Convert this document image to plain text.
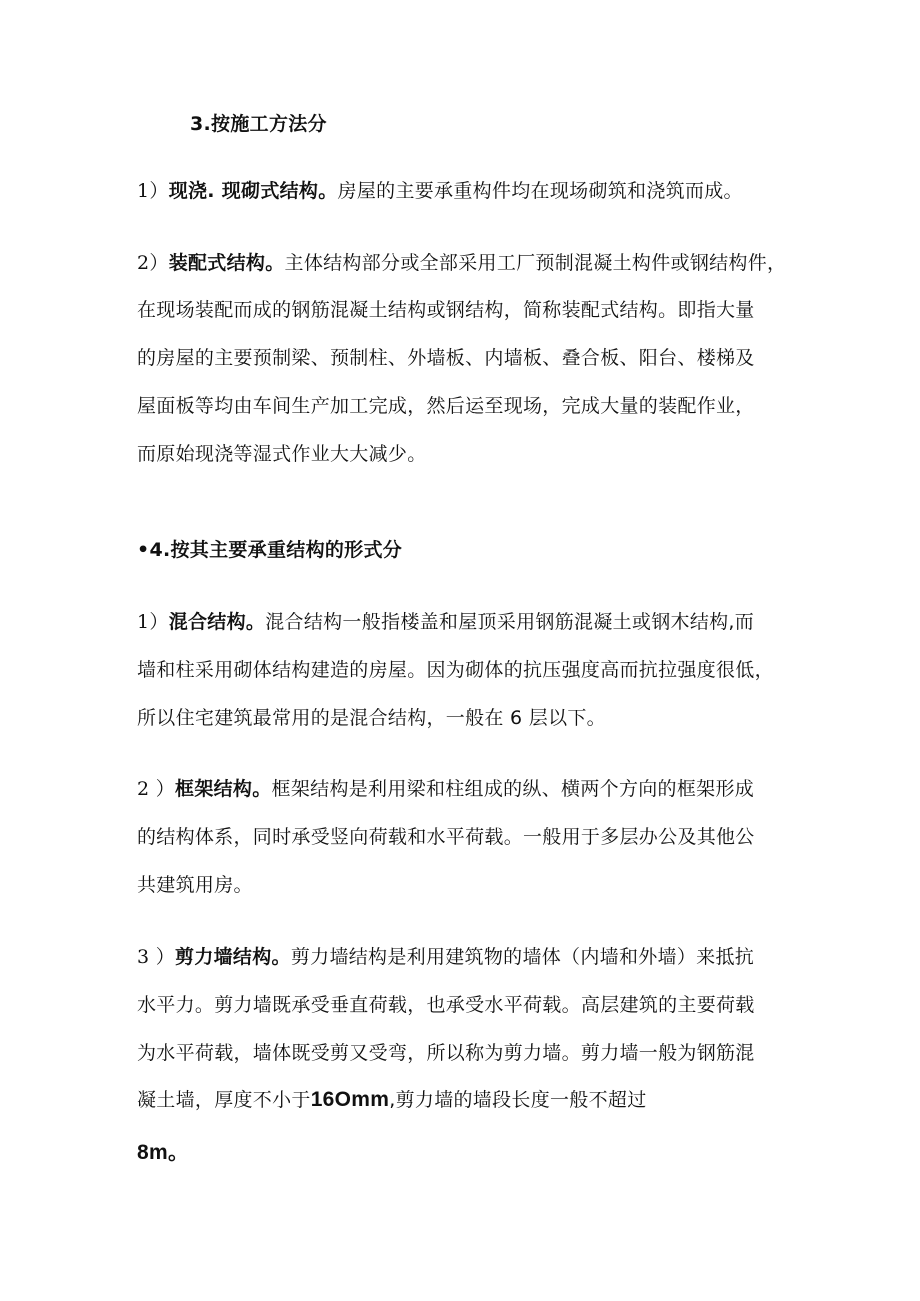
3.按施工方法分
1）现浇. 现砌式结构。房屋的主要承重构件均在现场砌筑和浇筑而成。
2）装配式结构。主体结构部分或全部采用工厂预制混凝土构件或钢结构件，
在现场装配而成的钢筋混凝土结构或钢结构，简称装配式结构。即指大量
的房屋的主要预制梁、预制柱、外墙板、内墙板、叠合板、阳台、楼梯及
屋面板等均由车间生产加工完成，然后运至现场，完成大量的装配作业，
而原始现浇等湿式作业大大减少。
•4.按其主要承重结构的形式分
1）混合结构。混合结构一般指楼盖和屋顶采用钢筋混凝土或钢木结构,而
墙和柱采用砌体结构建造的房屋。因为砌体的抗压强度高而抗拉强度很低，
所以住宅建筑最常用的是混合结构，一般在 6 层以下。
2 ）框架结构。框架结构是利用梁和柱组成的纵、横两个方向的框架形成
的结构体系，同时承受竖向荷载和水平荷载。一般用于多层办公及其他公
共建筑用房。
3 ）剪力墙结构。剪力墙结构是利用建筑物的墙体（内墙和外墙）来抵抗
水平力。剪力墙既承受垂直荷载，也承受水平荷载。高层建筑的主要荷载
为水平荷载，墙体既受剪又受弯，所以称为剪力墙。剪力墙一般为钢筋混
凝土墙，厚度不小于16Omm,剪力墙的墙段长度一般不超过
8m。
